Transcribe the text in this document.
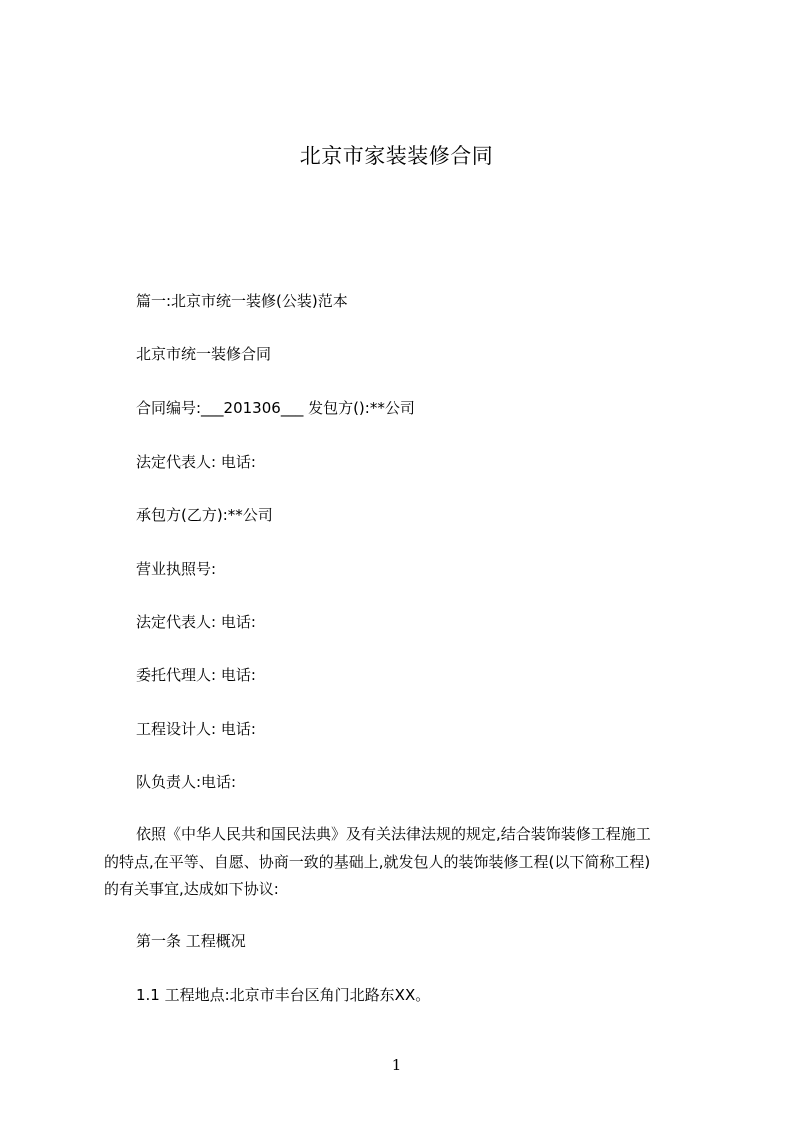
北京市家装装修合同
篇一:北京市统一装修(公装)范本
北京市统一装修合同
合同编号:___201306___ 发包方():**公司
法定代表人: 电话:
承包方(乙方):**公司
营业执照号:
法定代表人: 电话:
委托代理人: 电话:
工程设计人: 电话:
队负责人:电话:
依照《中华人民共和国民法典》及有关法律法规的规定,结合装饰装修工程施工
的特点,在平等、自愿、协商一致的基础上,就发包人的装饰装修工程(以下简称工程)
的有关事宜,达成如下协议:
第一条 工程概况
1.1 工程地点:北京市丰台区角门北路东XX。
1
